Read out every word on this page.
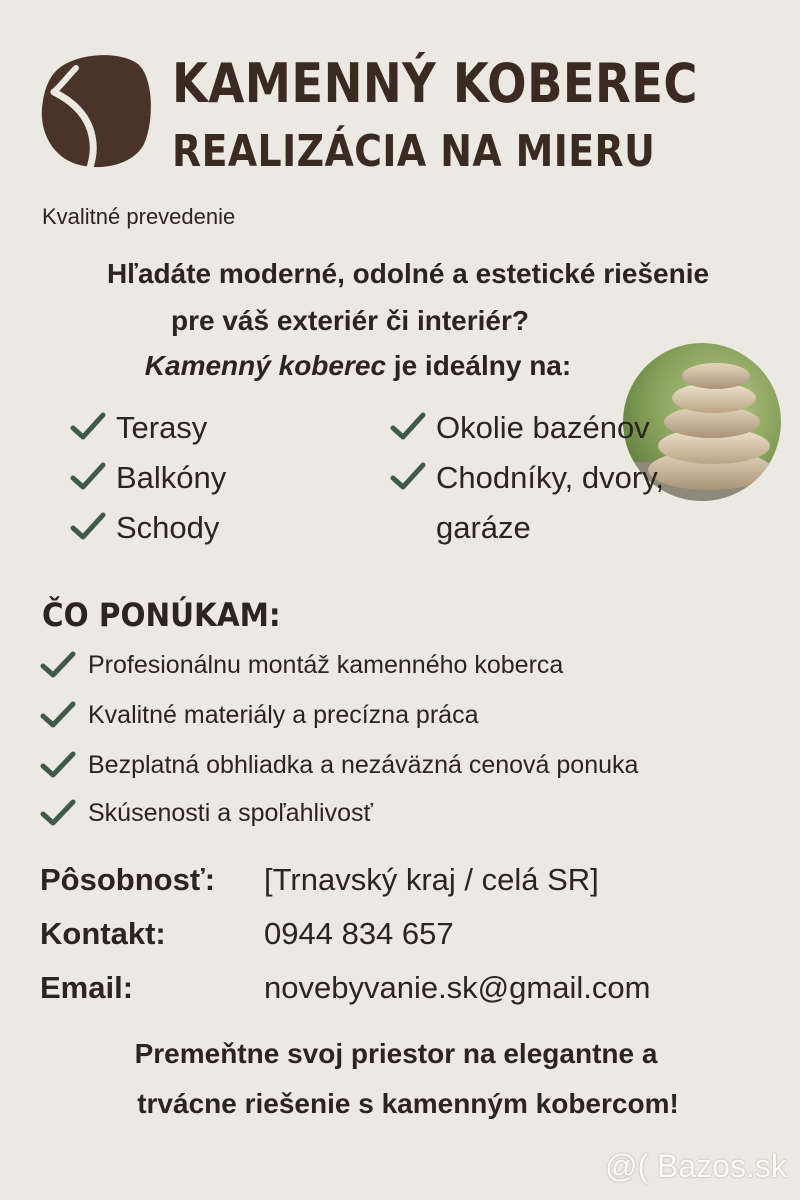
KAMENNÝ KOBEREC
REALIZÁCIA NA MIERU
Kvalitné prevedenie
Hľadáte moderné, odolné a estetické riešenie
pre váš exteriér či interiér?
Kamenný koberec je ideálny na:
Terasy
Balkóny
Schody
Okolie bazénov
Chodníky, dvory,
garáze
ČO PONÚKAM:
Profesionálnu montáž kamenného koberca
Kvalitné materiály a precízna práca
Bezplatná obhliadka a nezáväzná cenová ponuka
Skúsenosti a spoľahlivosť
Pôsobnosť: [Trnavský kraj / celá SR]
Kontakt:	0944 834 657
Email:	novebyvanie.sk@gmail.com
Premeňtne svoj priestor na elegantne a
trvácne riešenie s kamenným kobercom!
@( Bazos.sk
